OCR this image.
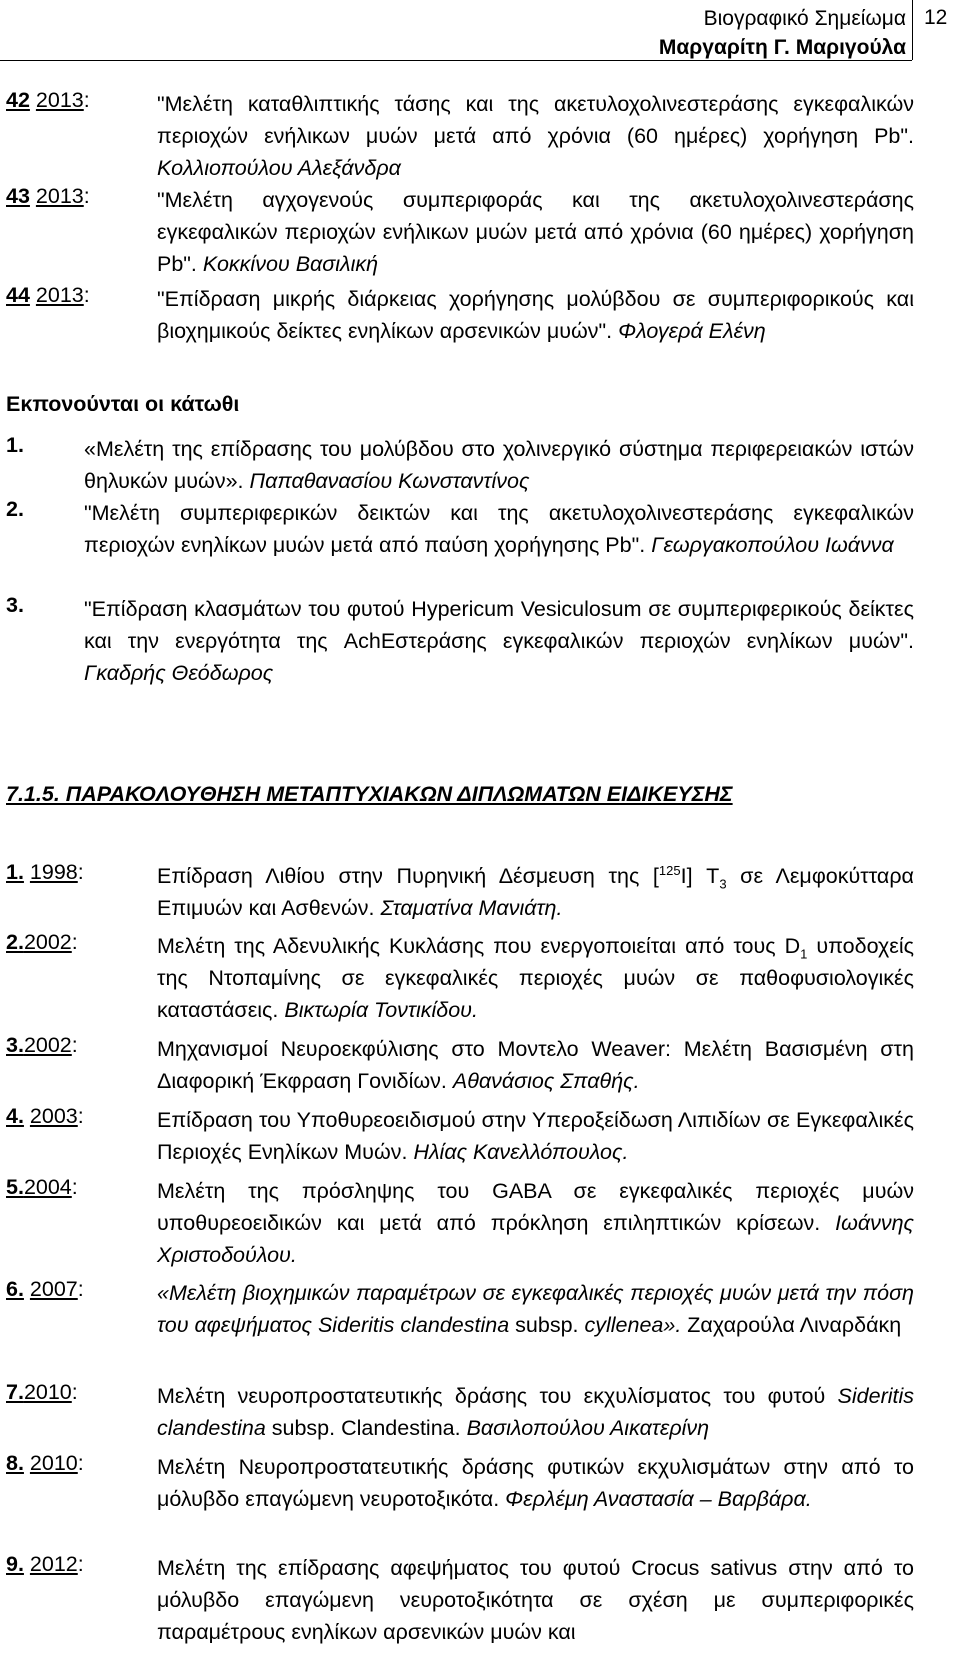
Βιογραφικό Σημείωμα
Μαργαρίτη Γ. Μαριγούλα
12
42 2013:	"Μελέτη καταθλιπτικής τάσης και της ακετυλοχολινεστεράσης εγκεφαλικών περιοχών ενήλικων μυών μετά από χρόνια (60 ημέρες) χορήγηση Pb". Κολλιοπούλου Αλεξάνδρα
43 2013:	"Μελέτη αγχογενούς συμπεριφοράς και της ακετυλοχολινεστεράσης εγκεφαλικών περιοχών ενήλικων μυών μετά από χρόνια (60 ημέρες) χορήγηση Pb". Κοκκίνου Βασιλική
44 2013:	"Επίδραση μικρής διάρκειας χορήγησης μολύβδου σε συμπεριφορικούς και βιοχημικούς δείκτες ενηλίκων αρσενικών μυών". Φλογερά Ελένη
Εκπονούνται οι κάτωθι
1.	«Μελέτη της επίδρασης του μολύβδου στο χολινεργικό σύστημα περιφερειακών ιστών θηλυκών μυών». Παπαθανασίου Κωνσταντίνος
2.	"Μελέτη συμπεριφερικών δεικτών και της ακετυλοχολινεστεράσης εγκεφαλικών περιοχών ενηλίκων μυών μετά από παύση χορήγησης Pb". Γεωργακοπούλου Ιωάννα
3.	"Επίδραση κλασμάτων του φυτού Hypericum Vesiculosum σε συμπεριφερικούς δείκτες και την ενεργότητα της AchΕστεράσης εγκεφαλικών περιοχών ενηλίκων μυών". Γκαδρής Θεόδωρος
7.1.5. ΠΑΡΑΚΟΛΟΥΘΗΣΗ ΜΕΤΑΠΤΥΧΙΑΚΩΝ ΔΙΠΛΩΜΑΤΩΝ ΕΙΔΙΚΕΥΣΗΣ
1. 1998:	Επίδραση Λιθίου στην Πυρηνική Δέσμευση της [$^{125}$I] $T_3$ σε Λεμφοκύτταρα Επιμυών και Ασθενών. Σταματίνα Μανιάτη.
2.2002:	Μελέτη της Αδενυλικής Κυκλάσης που ενεργοποιείται από τους $D_1$ υποδοχείς της Ντοπαμίνης σε εγκεφαλικές περιοχές μυών σε παθοφυσιολογικές καταστάσεις. Βικτωρία Τοντικίδου.
3.2002:	Μηχανισμοί Νευροεκφύλισης στο Μοντελο Weaver: Μελέτη Βασισμένη στη Διαφορική Έκφραση Γονιδίων. Αθανάσιος Σπαθής.
4. 2003:	Επίδραση του Υποθυρεοειδισμού στην Υπεροξείδωση Λιπιδίων σε Εγκεφαλικές Περιοχές Ενηλίκων Μυών. Ηλίας Κανελλόπουλος.
5.2004:	Μελέτη της πρόσληψης του GABA σε εγκεφαλικές περιοχές μυών υποθυρεοειδικών και μετά από πρόκληση επιληπτικών κρίσεων. Ιωάννης Χριστοδούλου.
6. 2007:	«Μελέτη βιοχημικών παραμέτρων σε εγκεφαλικές περιοχές μυών μετά την πόση του αφεψήματος Sideritis clandestina subsp. cyllenea». Ζαχαρούλα Λιναρδάκη
7.2010:	Μελέτη νευροπροστατευτικής δράσης του εκχυλίσματος του φυτού Sideritis clandestina subsp. Clandestina. Βασιλοπούλου Αικατερίνη
8. 2010:	Μελέτη Νευροπροστατευτικής δράσης φυτικών εκχυλισμάτων στην από το μόλυβδο επαγώμενη νευροτοξικότα. Φερλέμη Αναστασία – Βαρβάρα.
9. 2012:	Μελέτη της επίδρασης αφεψήματος του φυτού Crocus sativus στην από το μόλυβδο επαγώμενη νευροτοξικότητα σε σχέση με συμπεριφορικές παραμέτρους ενηλίκων αρσενικών μυών και
